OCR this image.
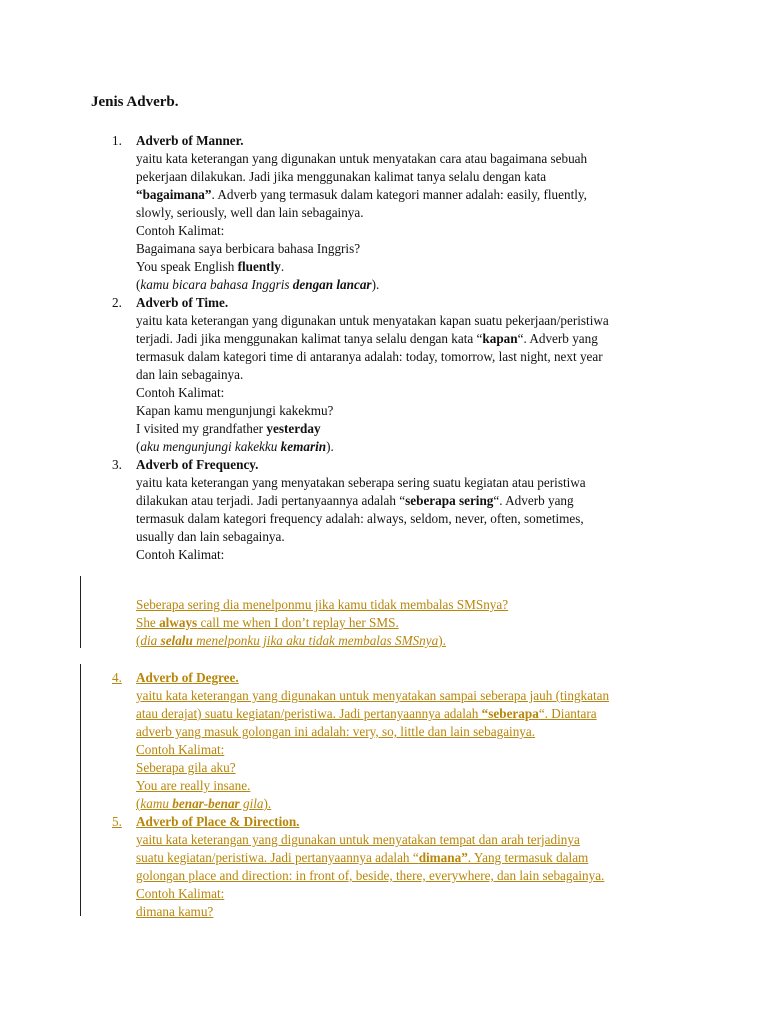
Jenis Adverb.
1. Adverb of Manner.
yaitu kata keterangan yang digunakan untuk menyatakan cara atau bagaimana sebuah
pekerjaan dilakukan. Jadi jika menggunakan kalimat tanya selalu dengan kata
“bagaimana”. Adverb yang termasuk dalam kategori manner adalah: easily, fluently,
slowly, seriously, well dan lain sebagainya.
Contoh Kalimat:
Bagaimana saya berbicara bahasa Inggris?
You speak English fluently.
(kamu bicara bahasa Inggris dengan lancar).
2. Adverb of Time.
yaitu kata keterangan yang digunakan untuk menyatakan kapan suatu pekerjaan/peristiwa
terjadi. Jadi jika menggunakan kalimat tanya selalu dengan kata “kapan“. Adverb yang
termasuk dalam kategori time di antaranya adalah: today, tomorrow, last night, next year
dan lain sebagainya.
Contoh Kalimat:
Kapan kamu mengunjungi kakekmu?
I visited my grandfather yesterday
(aku mengunjungi kakekku kemarin).
3. Adverb of Frequency.
yaitu kata keterangan yang menyatakan seberapa sering suatu kegiatan atau peristiwa
dilakukan atau terjadi. Jadi pertanyaannya adalah “seberapa sering“. Adverb yang
termasuk dalam kategori frequency adalah: always, seldom, never, often, sometimes,
usually dan lain sebagainya.
Contoh Kalimat:
Seberapa sering dia menelponmu jika kamu tidak membalas SMSnya?
She always call me when I don’t replay her SMS.
(dia selalu menelponku jika aku tidak membalas SMSnya).
4. Adverb of Degree.
yaitu kata keterangan yang digunakan untuk menyatakan sampai seberapa jauh (tingkatan
atau derajat) suatu kegiatan/peristiwa. Jadi pertanyaannya adalah “seberapa“. Diantara
adverb yang masuk golongan ini adalah: very, so, little dan lain sebagainya.
Contoh Kalimat:
Seberapa gila aku?
You are really insane.
(kamu benar-benar gila).
5. Adverb of Place & Direction.
yaitu kata keterangan yang digunakan untuk menyatakan tempat dan arah terjadinya
suatu kegiatan/peristiwa. Jadi pertanyaannya adalah “dimana”. Yang termasuk dalam
golongan place and direction: in front of, beside, there, everywhere, dan lain sebagainya.
Contoh Kalimat:
dimana kamu?
